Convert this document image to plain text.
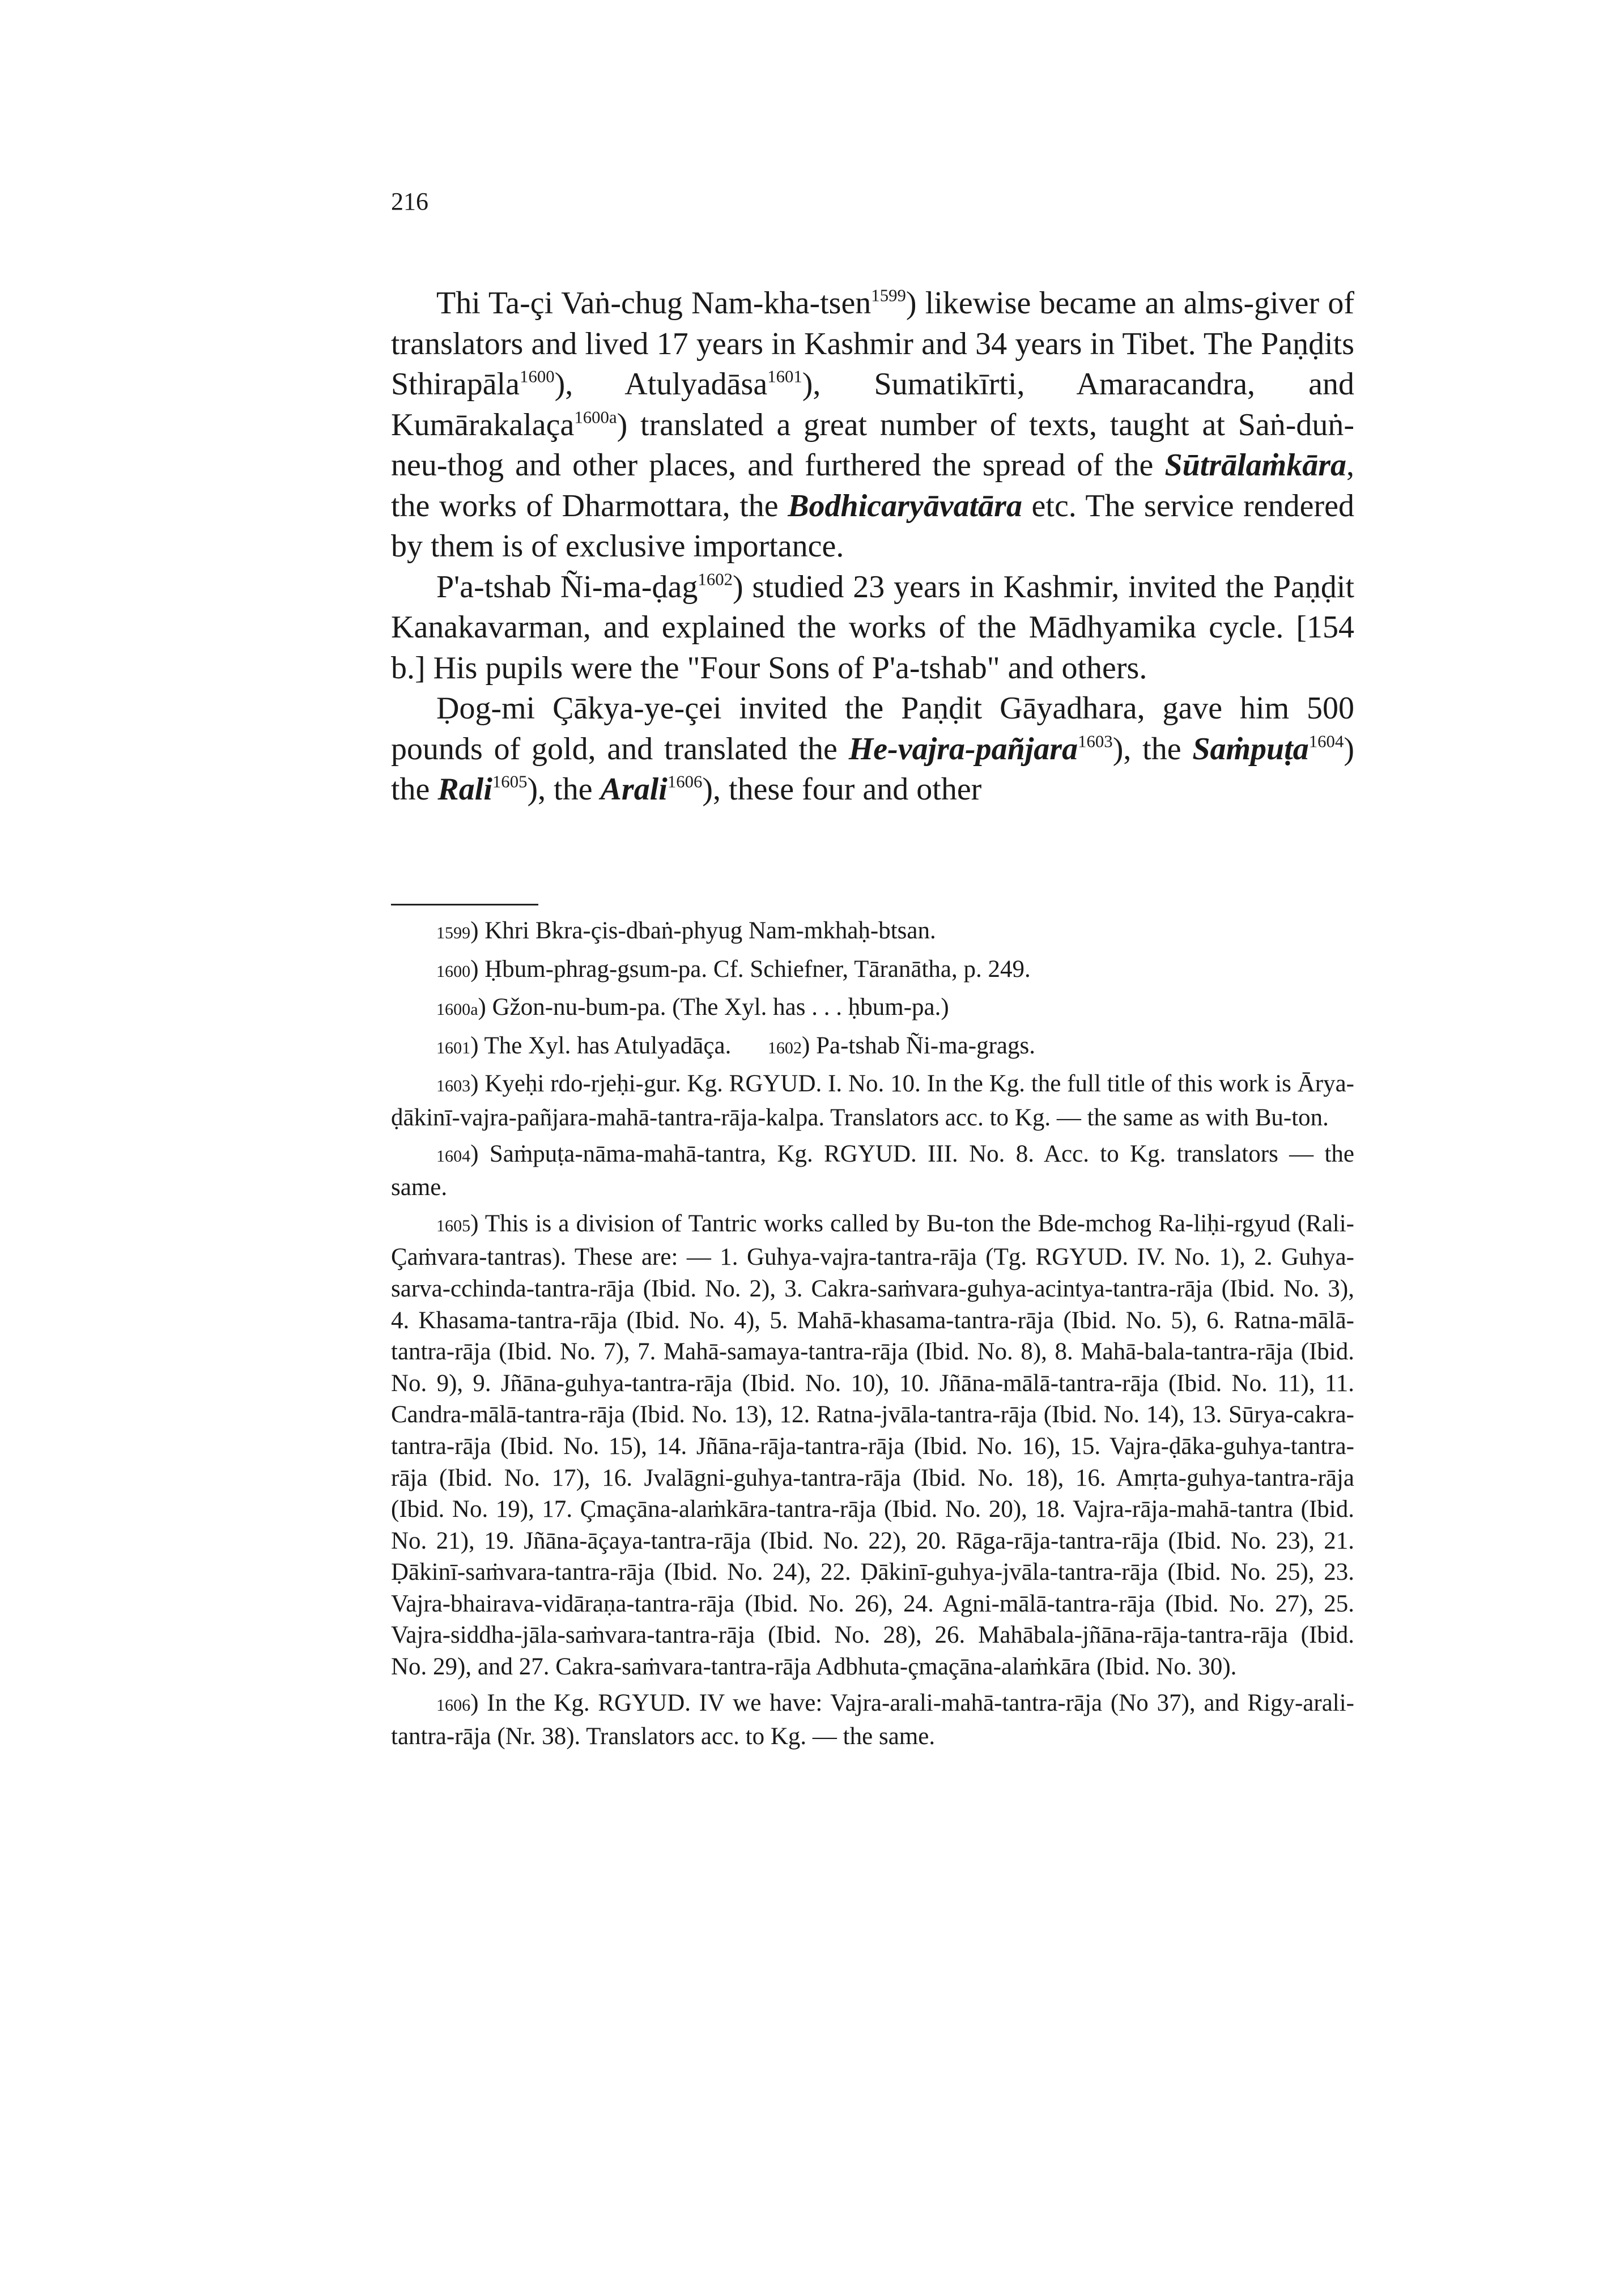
216

Thi Ta-çi Vaṅ-chug Nam-kha-tsen$^{1599}$) likewise became an alms-giver of translators and lived 17 years in Kashmir and 34 years in Tibet. The Paṇḍits Sthirapāla$^{1600}$), Atulyadāsa$^{1601}$), Sumatikīrti, Amaracandra, and Kumārakalaça$^{1600a}$) translated a great number of texts, taught at Saṅ-duṅ-neu-thog and other places, and furthered the spread of the Sūtrālaṁkāra, the works of Dharmottara, the Bodhicaryāvatāra etc. The service rendered by them is of exclusive importance.

P'a-tshab Ñi-ma-ḍag$^{1602}$) studied 23 years in Kashmir, invited the Paṇḍit Kanakavarman, and explained the works of the Mādhyamika cycle. [154 b.] His pupils were the "Four Sons of P'a-tshab" and others.

Ḍog-mi Çākya-ye-çei invited the Paṇḍit Gāyadhara, gave him 500 pounds of gold, and translated the He-vajra-pañjara$^{1603}$), the Saṁpuṭa$^{1604}$) the Rali$^{1605}$), the Arali$^{1606}$), these four and other

1599) Khri Bkra-çis-dbaṅ-phyug Nam-mkhaḥ-btsan.

1600) Ḥbum-phrag-gsum-pa. Cf. Schiefner, Tāranātha, p. 249.

1600a) Gžon-nu-bum-pa. (The Xyl. has . . . ḥbum-pa.)

1601) The Xyl. has Atulyadāça. 1602) Pa-tshab Ñi-ma-grags.

1603) Kyeḥi rdo-rjeḥi-gur. Kg. RGYUD. I. No. 10. In the Kg. the full title of this work is Ārya-ḍākinī-vajra-pañjara-mahā-tantra-rāja-kalpa. Translators acc. to Kg. — the same as with Bu-ton.

1604) Saṁpuṭa-nāma-mahā-tantra, Kg. RGYUD. III. No. 8. Acc. to Kg. translators — the same.

1605) This is a division of Tantric works called by Bu-ton the Bde-mchog Ra-liḥi-rgyud (Rali-Çaṁvara-tantras). These are: — 1. Guhya-vajra-tantra-rāja (Tg. RGYUD. IV. No. 1), 2. Guhya-sarva-cchinda-tantra-rāja (Ibid. No. 2), 3. Cakra-saṁvara-guhya-acintya-tantra-rāja (Ibid. No. 3), 4. Khasama-tantra-rāja (Ibid. No. 4), 5. Mahā-khasama-tantra-rāja (Ibid. No. 5), 6. Ratna-mālā-tantra-rāja (Ibid. No. 7), 7. Mahā-samaya-tantra-rāja (Ibid. No. 8), 8. Mahā-bala-tantra-rāja (Ibid. No. 9), 9. Jñāna-guhya-tantra-rāja (Ibid. No. 10), 10. Jñāna-mālā-tantra-rāja (Ibid. No. 11), 11. Candra-mālā-tantra-rāja (Ibid. No. 13), 12. Ratna-jvāla-tantra-rāja (Ibid. No. 14), 13. Sūrya-cakra-tantra-rāja (Ibid. No. 15), 14. Jñāna-rāja-tantra-rāja (Ibid. No. 16), 15. Vajra-ḍāka-guhya-tantra-rāja (Ibid. No. 17), 16. Jvalāgni-guhya-tantra-rāja (Ibid. No. 18), 16. Amṛta-guhya-tantra-rāja (Ibid. No. 19), 17. Çmaçāna-alaṁkāra-tantra-rāja (Ibid. No. 20), 18. Vajra-rāja-mahā-tantra (Ibid. No. 21), 19. Jñāna-āçaya-tantra-rāja (Ibid. No. 22), 20. Rāga-rāja-tantra-rāja (Ibid. No. 23), 21. Ḍākinī-saṁvara-tantra-rāja (Ibid. No. 24), 22. Ḍākinī-guhya-jvāla-tantra-rāja (Ibid. No. 25), 23. Vajra-bhairava-vidāraṇa-tantra-rāja (Ibid. No. 26), 24. Agni-mālā-tantra-rāja (Ibid. No. 27), 25. Vajra-siddha-jāla-saṁvara-tantra-rāja (Ibid. No. 28), 26. Mahābala-jñāna-rāja-tantra-rāja (Ibid. No. 29), and 27. Cakra-saṁvara-tantra-rāja Adbhuta-çmaçāna-alaṁkāra (Ibid. No. 30).

1606) In the Kg. RGYUD. IV we have: Vajra-arali-mahā-tantra-rāja (No 37), and Rigy-arali-tantra-rāja (Nr. 38). Translators acc. to Kg. — the same.
